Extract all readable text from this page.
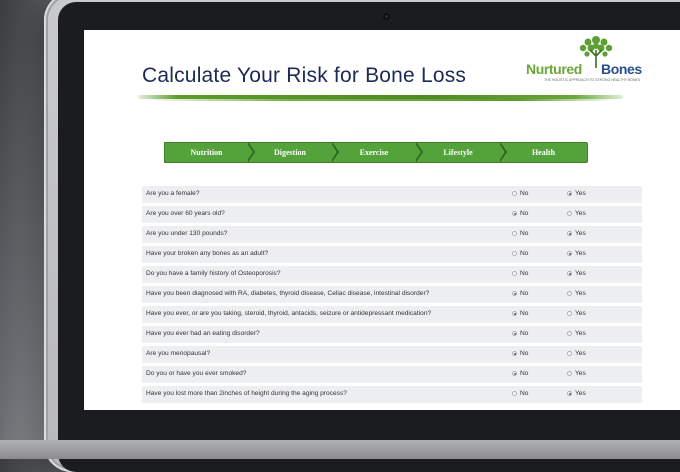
Calculate Your Risk for Bone Loss	Nurtured Bones
THE HOLISTIC APPROACH TO STRONG HEALTHY BONES
Nutrition	Digestion	Exercise	Lifestyle	Health
Are you a female?	No	Yes
Are you over 60 years old?	No	Yes
Are you under 130 pounds?	No	Yes
Have your broken any bones as an adult?	No	Yes
Do you have a family history of Osteoporosis?	No	Yes
Have you been diagnosed with RA, diabetes, thyroid disease, Celiac disease, intestinal disorder?	No	Yes
Have you ever, or are you taking, steroid, thyroid, antacids, seizure or antidepressant medication?	No	Yes
Have you ever had an eating disorder?	No	Yes
Are you menopausal?	No	Yes
Do you or have you ever smoked?	No	Yes
Have you lost more than 2inches of height during the aging process?	No	Yes
